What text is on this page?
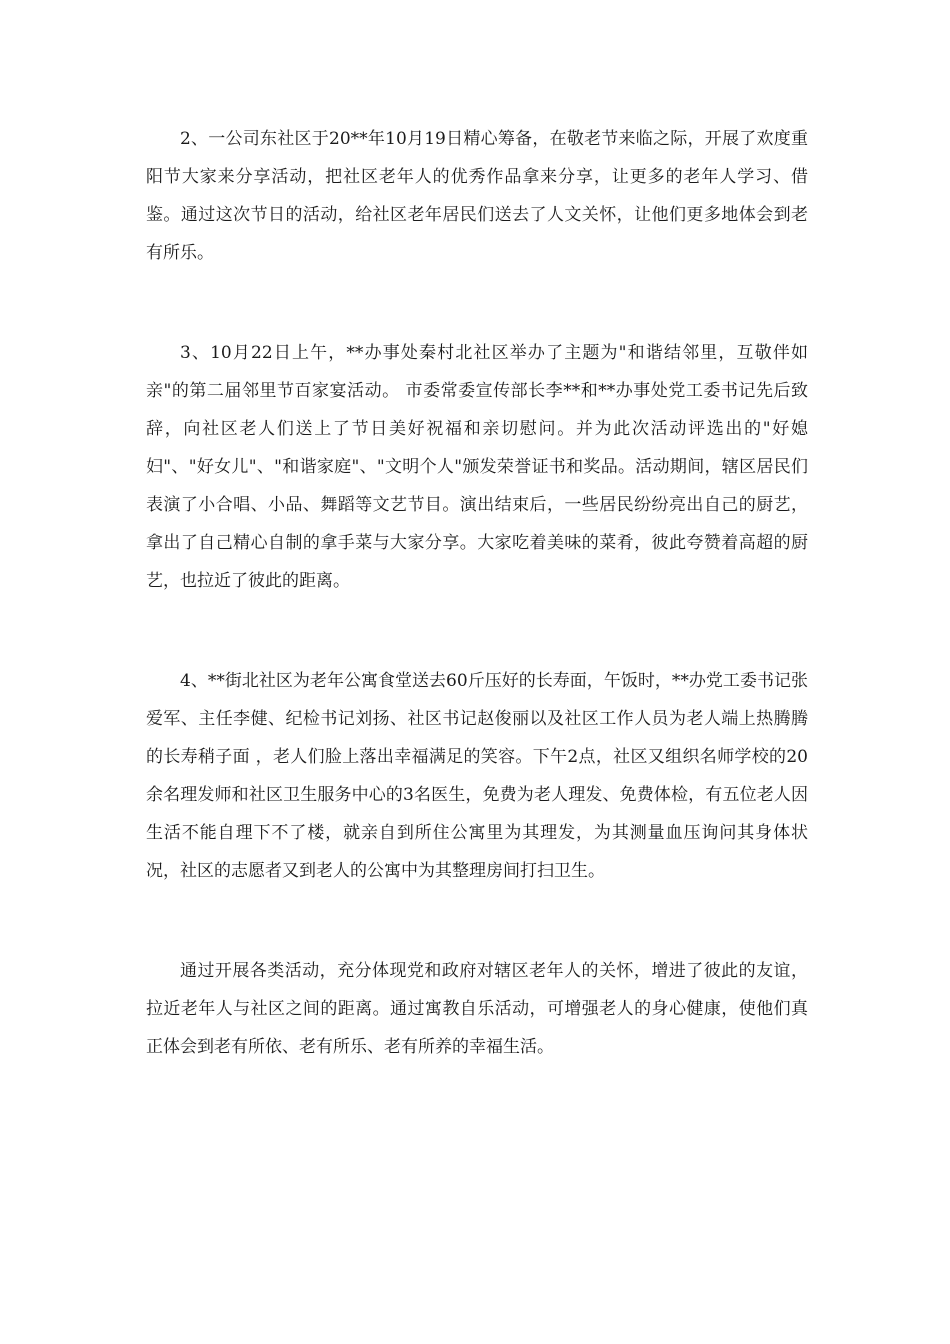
2、一公司东社区于20**年10月19日精心筹备，在敬老节来临之际，开展了欢度重阳节大家来分享活动，把社区老年人的优秀作品拿来分享，让更多的老年人学习、借鉴。通过这次节日的活动，给社区老年居民们送去了人文关怀，让他们更多地体会到老有所乐。

3、10月22日上午，**办事处秦村北社区举办了主题为"和谐结邻里，互敬伴如亲"的第二届邻里节百家宴活动。 市委常委宣传部长李**和**办事处党工委书记先后致辞，向社区老人们送上了节日美好祝福和亲切慰问。并为此次活动评选出的"好媳妇"、"好女儿"、"和谐家庭"、"文明个人"颁发荣誉证书和奖品。活动期间，辖区居民们表演了小合唱、小品、舞蹈等文艺节目。演出结束后，一些居民纷纷亮出自己的厨艺，拿出了自己精心自制的拿手菜与大家分享。大家吃着美味的菜肴，彼此夸赞着高超的厨艺，也拉近了彼此的距离。

4、**街北社区为老年公寓食堂送去60斤压好的长寿面，午饭时，**办党工委书记张爱军、主任李健、纪检书记刘扬、社区书记赵俊丽以及社区工作人员为老人端上热腾腾的长寿稍子面 ，老人们脸上落出幸福满足的笑容。下午2点，社区又组织名师学校的20余名理发师和社区卫生服务中心的3名医生，免费为老人理发、免费体检，有五位老人因生活不能自理下不了楼，就亲自到所住公寓里为其理发，为其测量血压询问其身体状况，社区的志愿者又到老人的公寓中为其整理房间打扫卫生。

通过开展各类活动，充分体现党和政府对辖区老年人的关怀，增进了彼此的友谊，拉近老年人与社区之间的距离。通过寓教自乐活动，可增强老人的身心健康，使他们真正体会到老有所依、老有所乐、老有所养的幸福生活。
